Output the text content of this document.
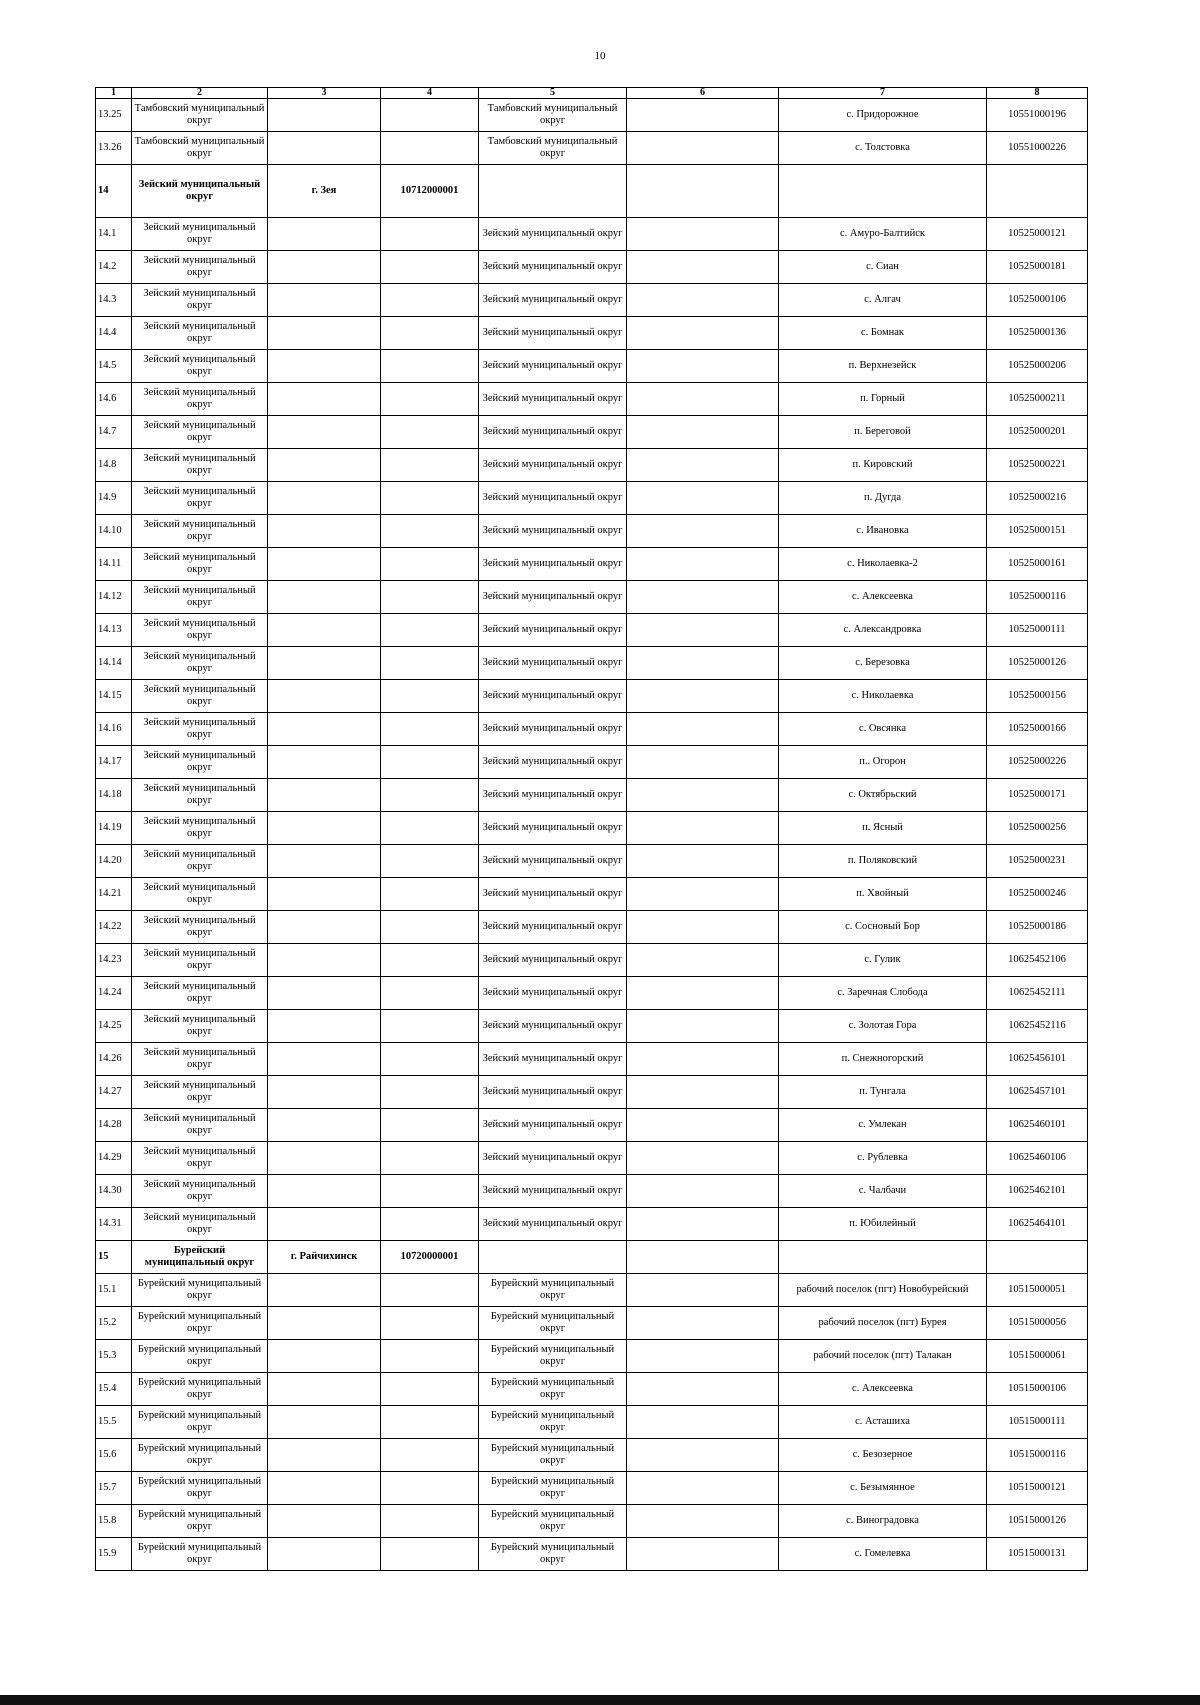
10
1	2	3	4	5	6	7	8
13.25	Тамбовский муниципальный округ			Тамбовский муниципальный округ		с. Придорожное	10551000196
13.26	Тамбовский муниципальный округ			Тамбовский муниципальный округ		с. Толстовка	10551000226
14	Зейский муниципальный округ	г. Зея	10712000001				
14.1	Зейский муниципальный округ			Зейский муниципальный округ		с. Амуро-Балтийск	10525000121
14.2	Зейский муниципальный округ			Зейский муниципальный округ		с. Сиан	10525000181
14.3	Зейский муниципальный округ			Зейский муниципальный округ		с. Алгач	10525000106
14.4	Зейский муниципальный округ			Зейский муниципальный округ		с. Бомнак	10525000136
14.5	Зейский муниципальный округ			Зейский муниципальный округ		п. Верхнезейск	10525000206
14.6	Зейский муниципальный округ			Зейский муниципальный округ		п. Горный	10525000211
14.7	Зейский муниципальный округ			Зейский муниципальный округ		п. Береговой	10525000201
14.8	Зейский муниципальный округ			Зейский муниципальный округ		п. Кировский	10525000221
14.9	Зейский муниципальный округ			Зейский муниципальный округ		п. Дугда	10525000216
14.10	Зейский муниципальный округ			Зейский муниципальный округ		с. Ивановка	10525000151
14.11	Зейский муниципальный округ			Зейский муниципальный округ		с. Николаевка-2	10525000161
14.12	Зейский муниципальный округ			Зейский муниципальный округ		с. Алексеевка	10525000116
14.13	Зейский муниципальный округ			Зейский муниципальный округ		с. Александровка	10525000111
14.14	Зейский муниципальный округ			Зейский муниципальный округ		с. Березовка	10525000126
14.15	Зейский муниципальный округ			Зейский муниципальный округ		с. Николаевка	10525000156
14.16	Зейский муниципальный округ			Зейский муниципальный округ		с. Овсянка	10525000166
14.17	Зейский муниципальный округ			Зейский муниципальный округ		п.. Огорон	10525000226
14.18	Зейский муниципальный округ			Зейский муниципальный округ		с. Октябрьский	10525000171
14.19	Зейский муниципальный округ			Зейский муниципальный округ		п. Ясный	10525000256
14.20	Зейский муниципальный округ			Зейский муниципальный округ		п. Поляковский	10525000231
14.21	Зейский муниципальный округ			Зейский муниципальный округ		п. Хвойный	10525000246
14.22	Зейский муниципальный округ			Зейский муниципальный округ		с. Сосновый Бор	10525000186
14.23	Зейский муниципальный округ			Зейский муниципальный округ		с. Гулик	10625452106
14.24	Зейский муниципальный округ			Зейский муниципальный округ		с. Заречная Слобода	10625452111
14.25	Зейский муниципальный округ			Зейский муниципальный округ		с. Золотая Гора	10625452116
14.26	Зейский муниципальный округ			Зейский муниципальный округ		п. Снежногорский	10625456101
14.27	Зейский муниципальный округ			Зейский муниципальный округ		п. Тунгала	10625457101
14.28	Зейский муниципальный округ			Зейский муниципальный округ		с. Умлекан	10625460101
14.29	Зейский муниципальный округ			Зейский муниципальный округ		с. Рублевка	10625460106
14.30	Зейский муниципальный округ			Зейский муниципальный округ		с. Чалбачи	10625462101
14.31	Зейский муниципальный округ			Зейский муниципальный округ		п. Юбилейный	10625464101
15	Бурейский муниципальный округ	г. Райчихинск	10720000001				
15.1	Бурейский муниципальный округ			Бурейский муниципальный округ		рабочий поселок (пгт) Новобурейский	10515000051
15.2	Бурейский муниципальный округ			Бурейский муниципальный округ		рабочий поселок (пгт) Бурея	10515000056
15.3	Бурейский муниципальный округ			Бурейский муниципальный округ		рабочий поселок (пгт) Талакан	10515000061
15.4	Бурейский муниципальный округ			Бурейский муниципальный округ		с. Алексеевка	10515000106
15.5	Бурейский муниципальный округ			Бурейский муниципальный округ		с. Асташиха	10515000111
15.6	Бурейский муниципальный округ			Бурейский муниципальный округ		с. Безозерное	10515000116
15.7	Бурейский муниципальный округ			Бурейский муниципальный округ		с. Безымянное	10515000121
15.8	Бурейский муниципальный округ			Бурейский муниципальный округ		с. Виноградовка	10515000126
15.9	Бурейский муниципальный округ			Бурейский муниципальный округ		с. Гомелевка	10515000131
